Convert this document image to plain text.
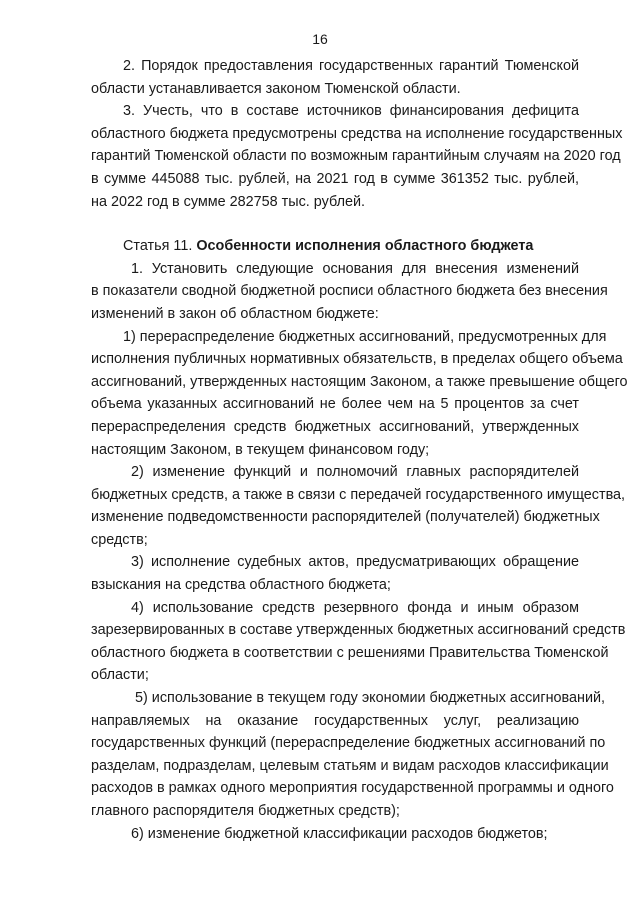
16

2. Порядок предоставления государственных гарантий Тюменской
области устанавливается законом Тюменской области.

3. Учесть, что в составе источников финансирования дефицита
областного бюджета предусмотрены средства на исполнение государственных
гарантий Тюменской области по возможным гарантийным случаям на 2020 год
в сумме 445088 тыс. рублей, на 2021 год в сумме 361352 тыс. рублей,
на 2022 год в сумме 282758 тыс. рублей.

Статья 11. Особенности исполнения областного бюджета

1. Установить следующие основания для внесения изменений
в показатели сводной бюджетной росписи областного бюджета без внесения
изменений в закон об областном бюджете:

1) перераспределение бюджетных ассигнований, предусмотренных для
исполнения публичных нормативных обязательств, в пределах общего объема
ассигнований, утвержденных настоящим Законом, а также превышение общего
объема указанных ассигнований не более чем на 5 процентов за счет
перераспределения средств бюджетных ассигнований, утвержденных
настоящим Законом, в текущем финансовом году;

2) изменение функций и полномочий главных распорядителей
бюджетных средств, а также в связи с передачей государственного имущества,
изменение подведомственности распорядителей (получателей) бюджетных
средств;

3) исполнение судебных актов, предусматривающих обращение
взыскания на средства областного бюджета;

4) использование средств резервного фонда и иным образом
зарезервированных в составе утвержденных бюджетных ассигнований средств
областного бюджета в соответствии с решениями Правительства Тюменской
области;

5) использование в текущем году экономии бюджетных ассигнований,
направляемых на оказание государственных услуг, реализацию
государственных функций (перераспределение бюджетных ассигнований по
разделам, подразделам, целевым статьям и видам расходов классификации
расходов в рамках одного мероприятия государственной программы и одного
главного распорядителя бюджетных средств);

6) изменение бюджетной классификации расходов бюджетов;
